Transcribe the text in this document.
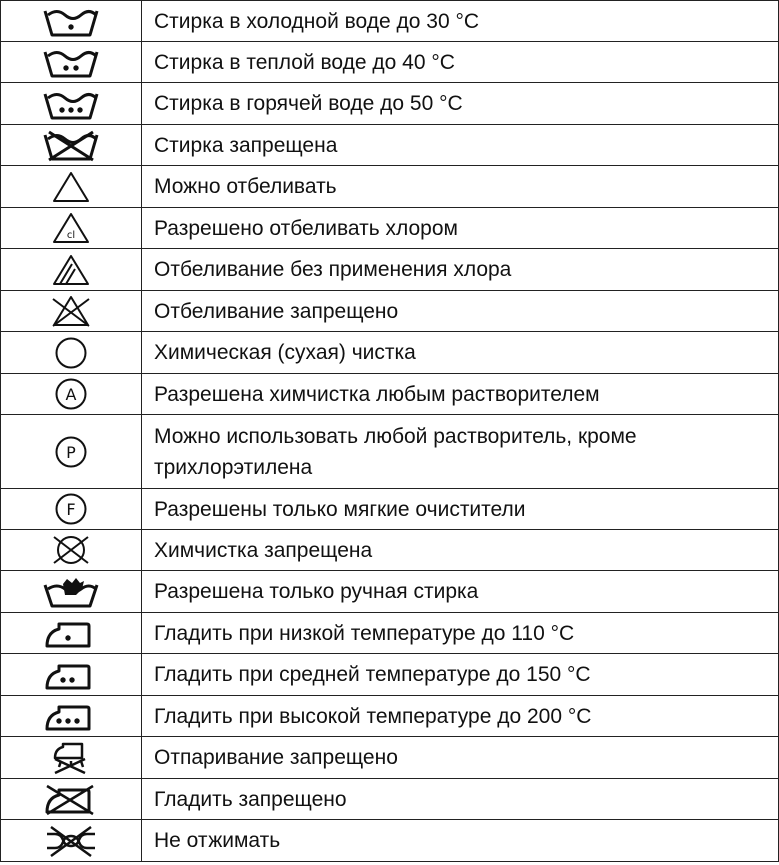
	Стирка в холодной воде до 30 °С

	Стирка в теплой воде до 40 °С

	Стирка в горячей воде до 50 °С

	Стирка запрещена

	Можно отбеливать

cl	Разрешено отбеливать хлором

	Отбеливание без применения хлора

	Отбеливание запрещено

	Химическая (сухая) чистка

A	Разрешена химчистка любым растворителем

P	Можно использовать любой растворитель, кроме трихлорэтилена

F	Разрешены только мягкие очистители

	Химчистка запрещена

	Разрешена только ручная стирка

	Гладить при низкой температуре до 110 °С

	Гладить при средней температуре до 150 °С

	Гладить при высокой температуре до 200 °С

	Отпаривание запрещено

	Гладить запрещено

	Не отжимать
